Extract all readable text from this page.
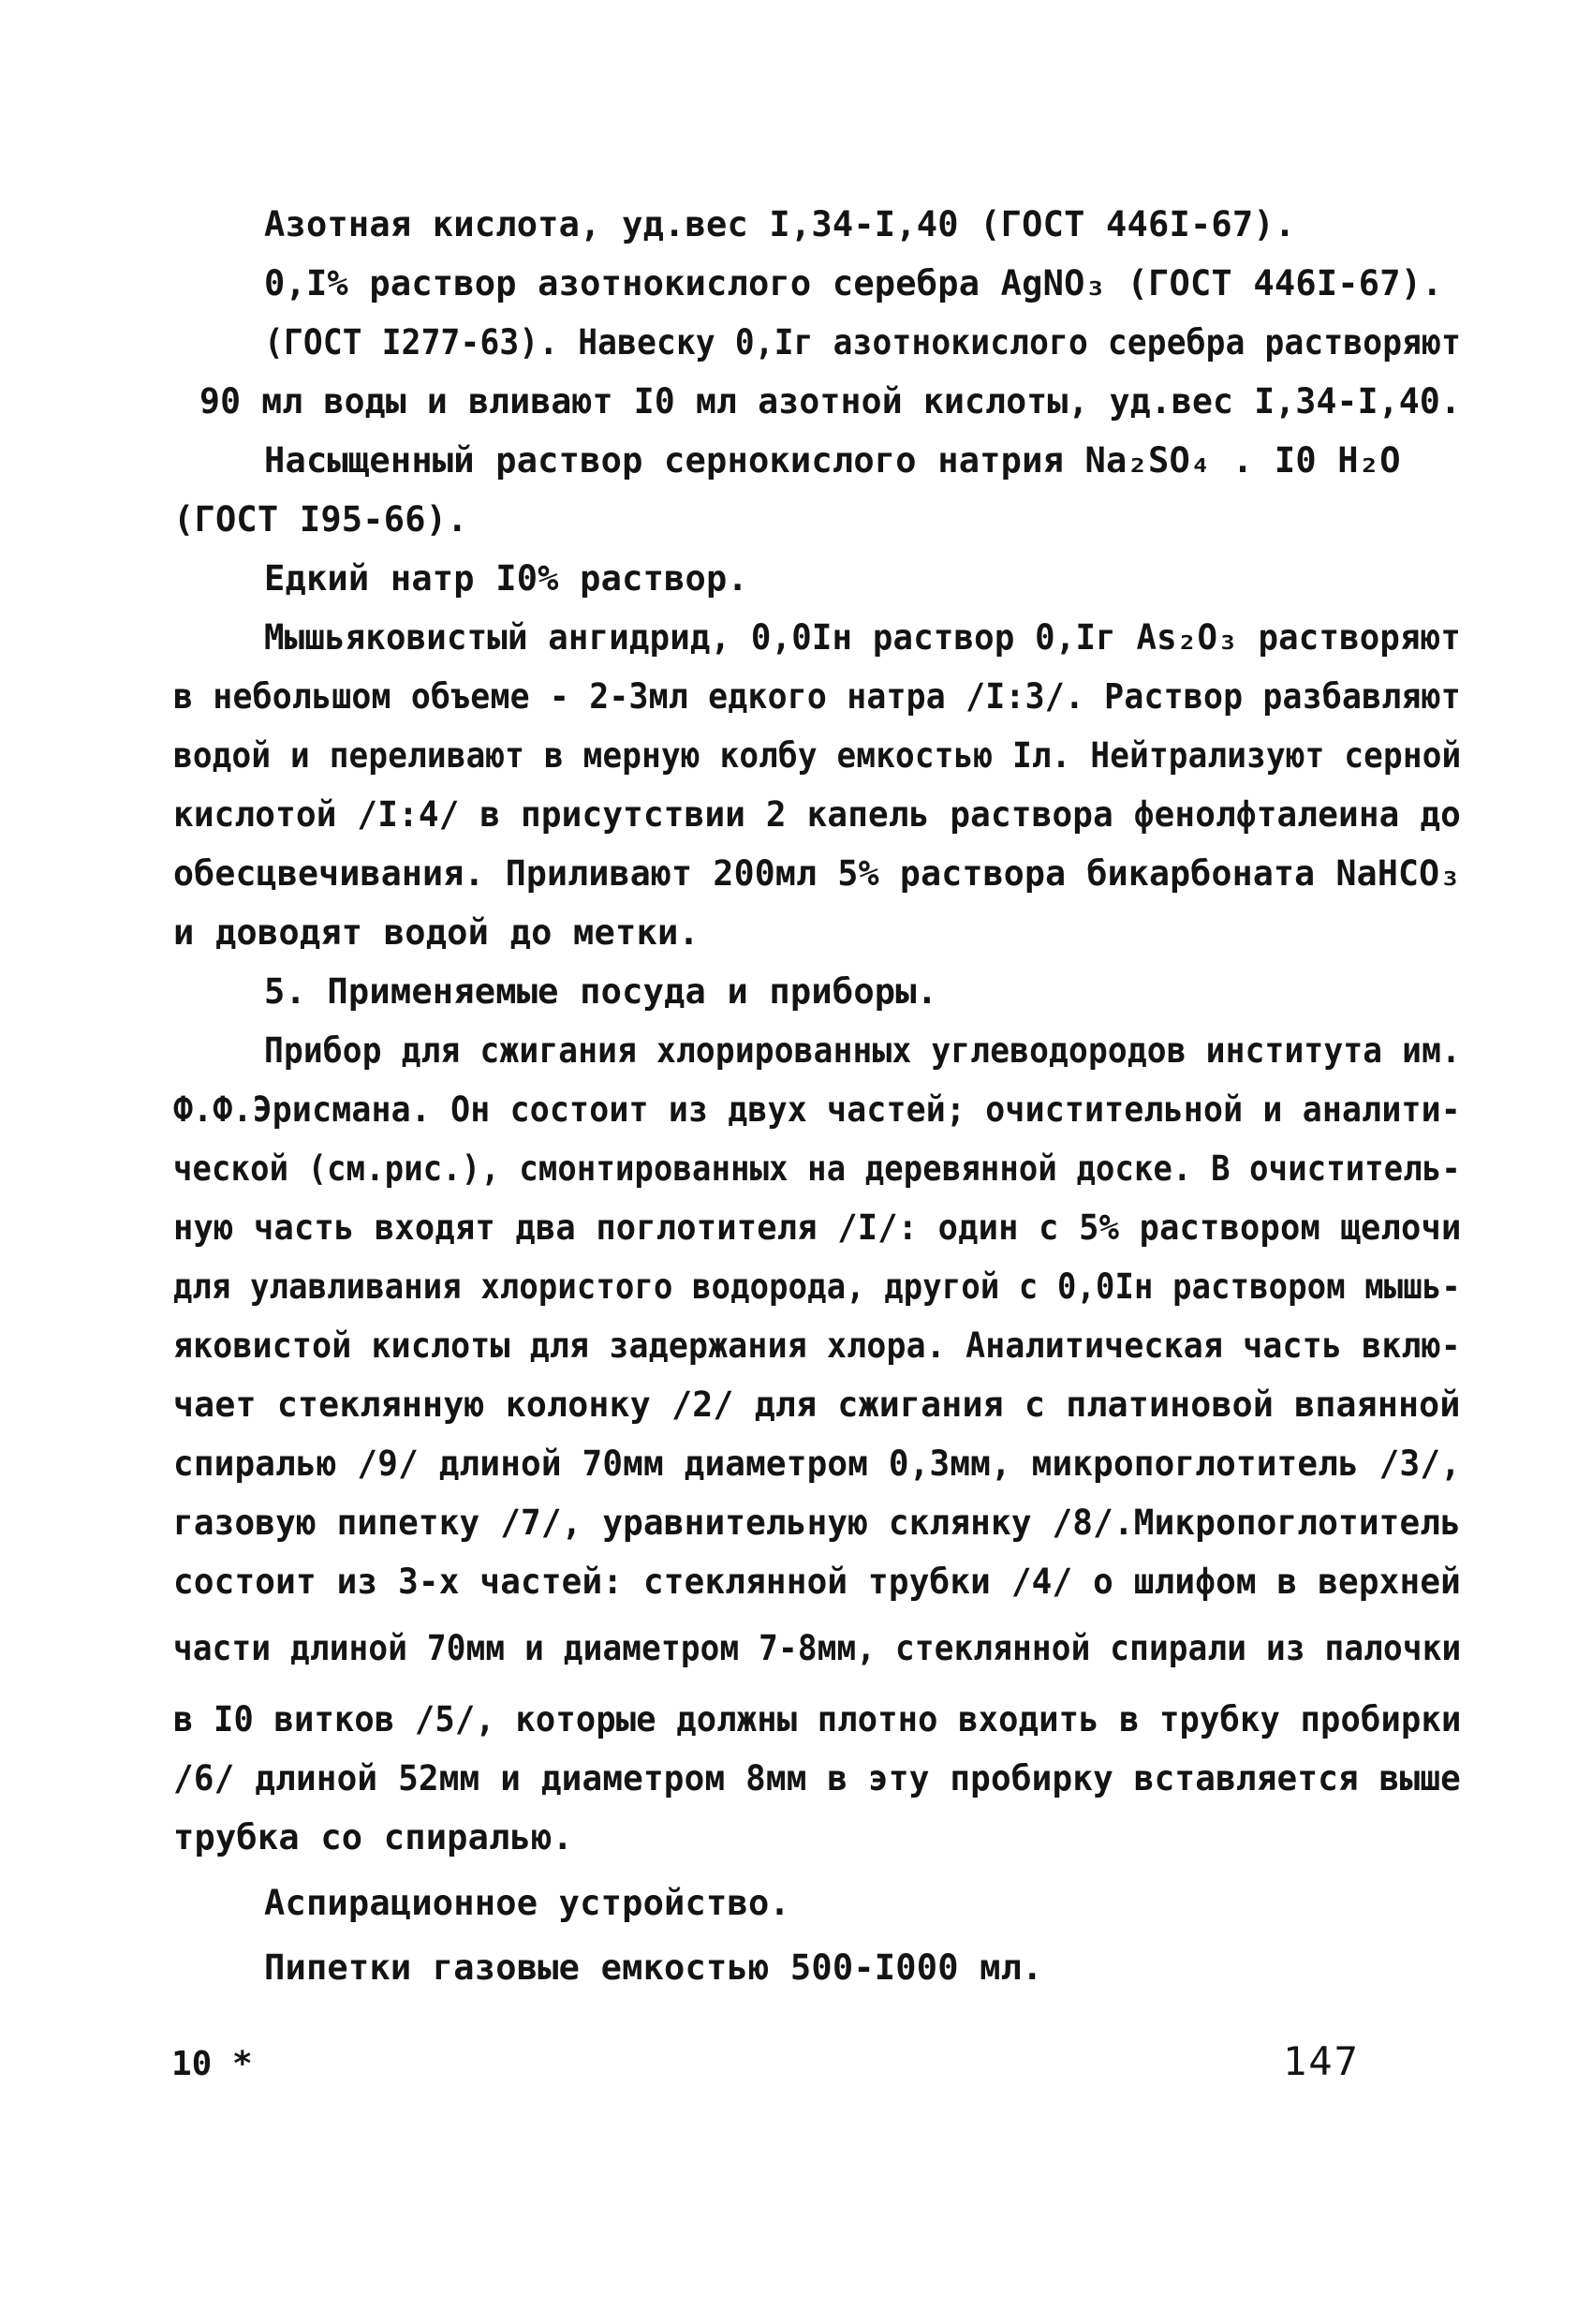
Азотная кислота, уд.вес I,34-I,40 (ГОСТ 446I-67).
0,I% раствор азотнокислого серебра AgNO₃ (ГОСТ 446I-67).
(ГОСТ I277-63). Навеску 0,Iг азотнокислого серебра растворяют
90 мл воды и вливают I0 мл азотной кислоты, уд.вес I,34-I,40.
Насыщенный раствор сернокислого натрия Na₂SO₄ . I0 H₂O
(ГОСТ I95-66).
Едкий натр I0% раствор.
Мышьяковистый ангидрид, 0,0Iн раствор 0,Iг As₂O₃ растворяют
в небольшом объеме - 2-3мл едкого натра /I:3/. Раствор разбавляют
водой и переливают в мерную колбу емкостью Iл. Нейтрализуют серной
кислотой /I:4/ в присутствии 2 капель раствора фенолфталеина до
обесцвечивания. Приливают 200мл 5% раствора бикарбоната NaHCO₃
и доводят водой до метки.
5. Применяемые посуда и приборы.
Прибор для сжигания хлорированных углеводородов института им.
Ф.Ф.Эрисмана. Он состоит из двух частей; очистительной и аналити-
ческой (см.рис.), смонтированных на деревянной доске. В очиститель-
ную часть входят два поглотителя /I/: один с 5% раствором щелочи
для улавливания хлористого водорода, другой с 0,0Iн раствором мышь-
яковистой кислоты для задержания хлора. Аналитическая часть вклю-
чает стеклянную колонку /2/ для сжигания с платиновой впаянной
спиралью /9/ длиной 70мм диаметром 0,3мм, микропоглотитель /3/,
газовую пипетку /7/, уравнительную склянку /8/.Микропоглотитель
состоит из 3-х частей: стеклянной трубки /4/ о шлифом в верхней
части длиной 70мм и диаметром 7-8мм, стеклянной спирали из палочки
в I0 витков /5/, которые должны плотно входить в трубку пробирки
/6/ длиной 52мм и диаметром 8мм в эту пробирку вставляется выше
трубка со спиралью.
Аспирационное устройство.
Пипетки газовые емкостью 500-I000 мл.
10 *	147
